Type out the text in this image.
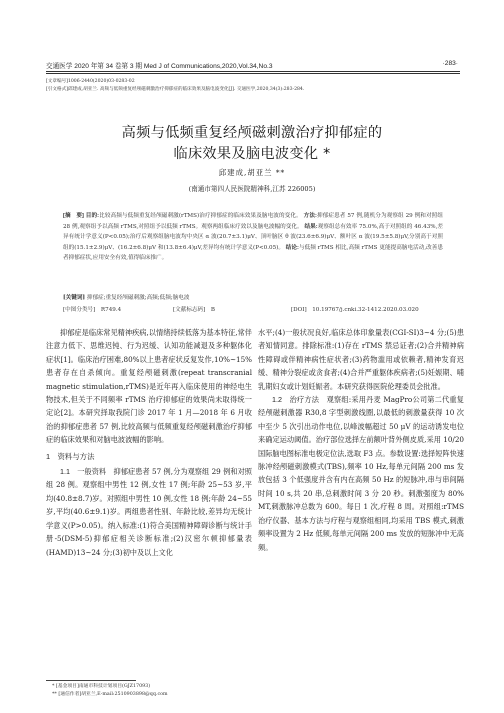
交通医学 2020 年第 34 卷第 3 期 Med J of Communications,2020,Vol.34,No.3	·283·
[文章编号]1006-2440(2020)03-0283-02
[引文格式]邱建成,胡亚兰. 高频与低频重复经颅磁刺激治疗抑郁症的临床效果及脑电波变化[J]. 交通医学,2020,34(3):283-284.
高频与低频重复经颅磁刺激治疗抑郁症的
临床效果及脑电波变化 *
邱建成,胡亚兰 **
(南通市第四人民医院精神科,江苏 226005)
[摘　要] 目的:比较高频与低频重复经颅磁刺激(rTMS)治疗抑郁症的临床效果及脑电波的变化。 方法:抑郁症患者 57 例,随机分为观察组 29 例和对照组 28 例,观察组予以高频 rTMS,对照组予以低频 rTMS。观察两组临床疗效以及脑电波幅的变化。 结果:观察组总有效率 75.0%,高于对照组的 46.43%,差异有统计学意义(P<0.05);治疗后观察组脑电波均中央区 α 波(20.7±3.1)μV、顶叶脑区 θ 波(23.6±6.9)μV、额叶区 α 波(19.5±5.8)μV,分别高于对照组的(15.1±2.9)μV、(16.2±6.8)μV 和(13.8±6.4)μV,差异均有统计学意义(P<0.05)。 结论:与低频 rTMS 相比,高频 rTMS 更能提高脑电活动,改善患者抑郁症状,应用安全有效,值得临床推广。
[关键词] 抑郁症;重复经颅磁刺激;高频;低频;脑电波
[中图分类号]　R749.4	[文献标志码]　B	[DOI]　10.19767/j.cnki.32-1412.2020.03.020

抑郁症是临床常见精神疾病,以情绪持续低落为基本特征,常伴注意力低下、思维迟钝、行为迟缓、认知功能减退及多种躯体化症状[1]。临床治疗困难,80%以上患者症状反复发作,10%~15%患者存在自杀倾向。重复经颅磁刺激(repeat transcranial magnetic stimulation,rTMS)是近年再入临床使用的神经电生物技术,但关于不同频率 rTMS 治疗抑郁症的效果尚未取得统一定论[2]。本研究择取我院门诊 2017 年 1 月—2018 年 6 月收治的抑郁症患者 57 例,比较高频与低频重复经颅磁刺激治疗抑郁症的临床效果和对脑电波波幅的影响。

1　资料与方法

1.1　一般资料　 抑郁症患者 57 例,分为观察组 29 例和对照组 28 例。观察组中男性 12 例,女性 17 例;年龄 25~53 岁,平均(40.8±8.7)岁。对照组中男性 10 例,女性 18 例;年龄 24~55 岁,平均(40.6±9.1)岁。两组患者性别、年龄比较,差异均无统计学意义(P>0.05)。纳入标准:(1)符合美国精神障碍诊断与统计手册-5(DSM-5)抑郁症相关诊断标准;(2)汉密尔顿抑郁量表(HAMD)13~24 分;(3)初中及以上文化

水平;(4)一般状况良好,临床总体印象量表(CGI-SI)3~4 分;(5)患者知情同意。排除标准:(1)存在 rTMS 禁忌证者;(2)合并精神病性障碍或伴精神病性症状者;(3)药物滥用或依赖者,精神发育迟缓、精神分裂症或贪食者;(4)合并严重躯体疾病者;(5)妊娠期、哺乳期妇女或计划妊娠者。本研究获得医院伦理委员会批准。

1.2　治疗方法　 观察组:采用丹麦 MagPro公司第二代重复经颅磁刺激器 R30,8 字型刺激线圈,以最低的刺激量获得 10 次中至少 5 次引出动作电位,以峰波幅超过 50 μV 的运动诱发电位来确定运动阈值。治疗部位选择左前额叶背外侧皮质,采用 10/20 国际脑电图标准电极定位法,选取 F3 点。参数设置:选择短阵快速脉冲经颅磁刺激模式(TBS),频率 10 Hz,每单元间隔 200 ms 发放包括 3 个低强度并含有内在高频 50 Hz 的短脉冲,串与串间隔时间 10 s,共 20 串,总刺激时间 3 分 20 秒。刺激强度为 80% MT,刺激脉冲总数为 600。每日 1 次,疗程 8 周。对照组:rTMS 治疗仪器、基本方法与疗程与观察组相同,均采用 TBS 模式,刺激频率设置为 2 Hz 低频,每单元间隔 200 ms 发放的短脉冲中无高频。

* [基金项目]南通市科技计划项目(GJZ17093)
** [通信作者]胡亚兰,E-mail:2510903898@qq.com
